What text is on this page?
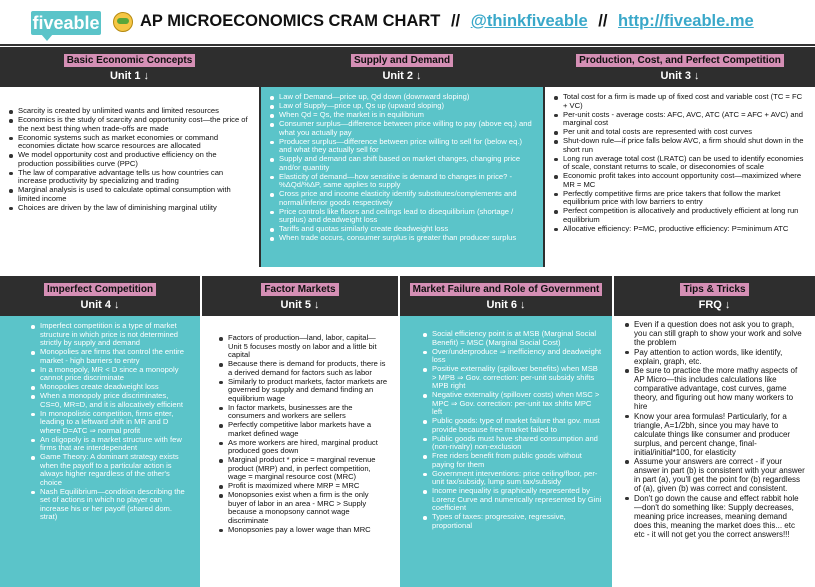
fiveable AP MICROECONOMICS CRAM CHART // @thinkfiveable // http://fiveable.me
Basic Economic Concepts
Unit 1 ↓
Supply and Demand
Unit 2 ↓
Production, Cost, and Perfect Competition
Unit 3 ↓
Scarcity is created by unlimited wants and limited resources
Economics is the study of scarcity and opportunity cost—the price of the next best thing when trade-offs are made
Economic systems such as market economies or command economies dictate how scarce resources are allocated
We model opportunity cost and productive efficiency on the production possibilities curve (PPC)
The law of comparative advantage tells us how countries can increase productivity by specializing and trading
Marginal analysis is used to calculate optimal consumption with limited income
Choices are driven by the law of diminishing marginal utility
Law of Demand—price up, Qd down (downward sloping)
Law of Supply—price up, Qs up (upward sloping)
When Qd = Qs, the market is in equilibrium
Consumer surplus—difference between price willing to pay (above eq.) and what you actually pay
Producer surplus—difference between price willing to sell for (below eq.) and what they actually sell for
Supply and demand can shift based on market changes, changing price and/or quantity
Elasticity of demand—how sensitive is demand to changes in price? - %ΔQd/%ΔP, same applies to supply
Cross price and income elasticity identify substitutes/complements and normal/inferior goods respectively
Price controls like floors and ceilings lead to disequilibrium (shortage / surplus) and deadweight loss
Tariffs and quotas similarly create deadweight loss
When trade occurs, consumer surplus is greater than producer surplus
Total cost for a firm is made up of fixed cost and variable cost (TC = FC + VC)
Per-unit costs - average costs: AFC, AVC, ATC (ATC = AFC + AVC) and marginal cost
Per unit and total costs are represented with cost curves
Shut-down rule—if price falls below AVC, a firm should shut down in the short run
Long run average total cost (LRATC) can be used to identify economies of scale, constant returns to scale, or diseconomies of scale
Economic profit takes into account opportunity cost—maximized where MR = MC
Perfectly competitive firms are price takers that follow the market equilibrium price with low barriers to entry
Perfect competition is allocatively and productively efficient at long run equilibrium
Allocative efficiency: P=MC, productive efficiency: P=minimum ATC
Imperfect Competition
Unit 4 ↓
Factor Markets
Unit 5 ↓
Market Failure and Role of Government
Unit 6 ↓
Tips & Tricks
FRQ ↓
Imperfect competition is a type of market structure in which price is not determined strictly by supply and demand
Monopolies are firms that control the entire market - high barriers to entry
In a monopoly, MR < D since a monopoly cannot price discriminate
Monopolies create deadweight loss
When a monopoly price discriminates, CS=0, MR=D, and it is allocatively efficient
In monopolistic competition, firms enter, leading to a leftward shift in MR and D where D=ATC ⇒ normal profit
An oligopoly is a market structure with few firms that are interdependent
Game Theory: A dominant strategy exists when the payoff to a particular action is always higher regardless of the other's choice
Nash Equilibrium—condition describing the set of actions in which no player can increase his or her payoff (shared dom. strat)
Factors of production—land, labor, capital—Unit 5 focuses mostly on labor and a little bit capital
Because there is demand for products, there is a derived demand for factors such as labor
Similarly to product markets, factor markets are governed by supply and demand finding an equilibrium wage
In factor markets, businesses are the consumers and workers are sellers
Perfectly competitive labor markets have a market defined wage
As more workers are hired, marginal product produced goes down
Marginal product * price = marginal revenue product (MRP) and, in perfect competition, wage = marginal resource cost (MRC)
Profit is maximized where MRP = MRC
Monopsonies exist when a firm is the only buyer of labor in an area - MRC > Supply because a monopsony cannot wage discriminate
Monopsonies pay a lower wage than MRC
Social efficiency point is at MSB (Marginal Social Benefit) = MSC (Marginal Social Cost)
Over/underproduce ⇒ inefficiency and deadweight loss
Positive externality (spillover benefits) when MSB > MPB ⇒ Gov. correction: per-unit subsidy shifts MPB right
Negative externality (spillover costs) when MSC > MPC ⇒ Gov. correction: per-unit tax shifts MPC left
Public goods: type of market failure that gov. must provide because free market failed to
Public goods must have shared consumption and (non-rivalry) non-exclusion
Free riders benefit from public goods without paying for them
Government interventions: price ceiling/floor, per-unit tax/subsidy, lump sum tax/subsidy
Income inequality is graphically represented by Lorenz Curve and numerically represented by Gini coefficient
Types of taxes: progressive, regressive, proportional
Even if a question does not ask you to graph, you can still graph to show your work and solve the problem
Pay attention to action words, like identify, explain, graph, etc.
Be sure to practice the more mathy aspects of AP Micro—this includes calculations like comparative advantage, cost curves, game theory, and figuring out how many workers to hire
Know your area formulas! Particularly, for a triangle, A=1/2bh, since you may have to calculate things like consumer and producer surplus, and percent change, final-initial/initial*100, for elasticity
Assume your answers are correct - if your answer in part (b) is consistent with your answer in part (a), you'll get the point for (b) regardless of (a), given (b) was correct and consistent.
Don't go down the cause and effect rabbit hole—don't do something like: Supply decreases, meaning price increases, meaning demand does this, meaning the market does this... etc etc - it will not get you the correct answers!!!
